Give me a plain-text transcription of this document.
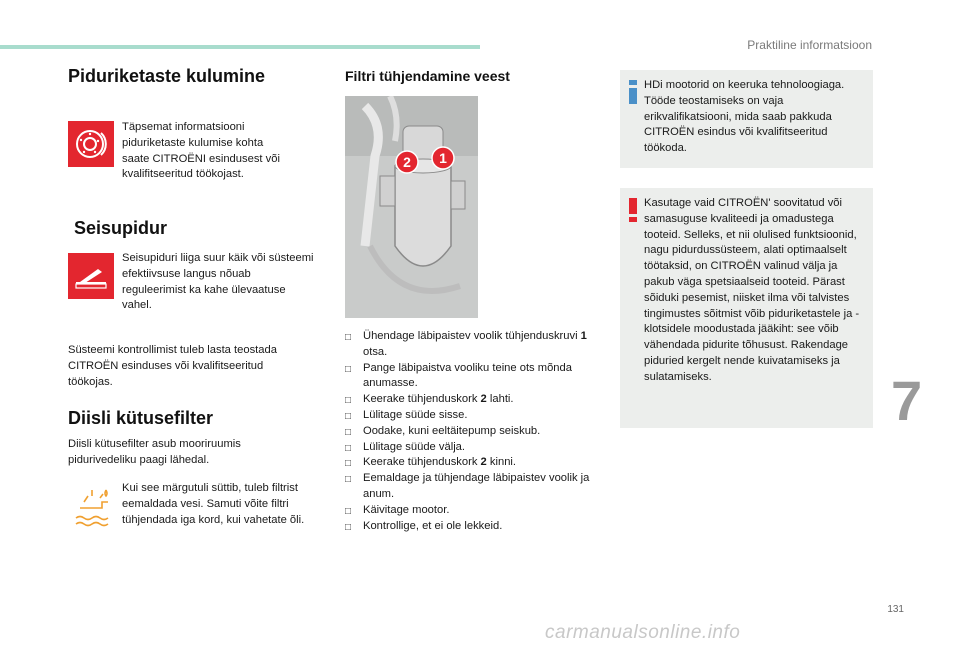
Praktiline informatsioon
Piduriketaste kulumine
Täpsemat informatsiooni piduriketaste kulumise kohta saate CITROËNI esindusest või kvalifitseeritud töökojast.
Seisupidur
Seisupiduri liiga suur käik või süsteemi efektiivsuse langus nõuab reguleerimist ka kahe ülevaatuse vahel.
Süsteemi kontrollimist tuleb lasta teostada CITROËN esinduses või kvalifitseeritud töökojas.
Diisli kütusefilter
Diisli kütusefilter asub mooriruumis pidurivedeliku paagi lähedal.
Kui see märgutuli süttib, tuleb filtrist eemaldada vesi. Samuti võite filtri tühjendada iga kord, kui vahetate õli.
Filtri tühjendamine veest
2 1
□ Ühendage läbipaistev voolik tühjenduskruvi 1 otsa.
□ Pange läbipaistva vooliku teine ots mõnda anumasse.
□ Keerake tühjenduskork 2 lahti.
□ Lülitage süüde sisse.
□ Oodake, kuni eeltäitepump seiskub.
□ Lülitage süüde välja.
□ Keerake tühjenduskork 2 kinni.
□ Eemaldage ja tühjendage läbipaistev voolik ja anum.
□ Käivitage mootor.
□ Kontrollige, et ei ole lekkeid.
HDi mootorid on keeruka tehnoloogiaga. Tööde teostamiseks on vaja erikvalifikatsiooni, mida saab pakkuda CITROËN esindus või kvalifitseeritud töökoda.
Kasutage vaid CITROËN' soovitatud või samasuguse kvaliteedi ja omadustega tooteid. Selleks, et nii olulised funktsioonid, nagu pidurdussüsteem, alati optimaalselt töötaksid, on CITROËN valinud välja ja pakub väga spetsiaalseid tooteid. Pärast sõiduki pesemist, niisket ilma või talvistes tingimustes sõitmist võib piduriketastele ja -klotsidele moodustada jääkiht: see võib vähendada pidurite tõhusust. Rakendage piduried kergelt nende kuivatamiseks ja sulatamiseks.	7
131
carmanualsonline.info
